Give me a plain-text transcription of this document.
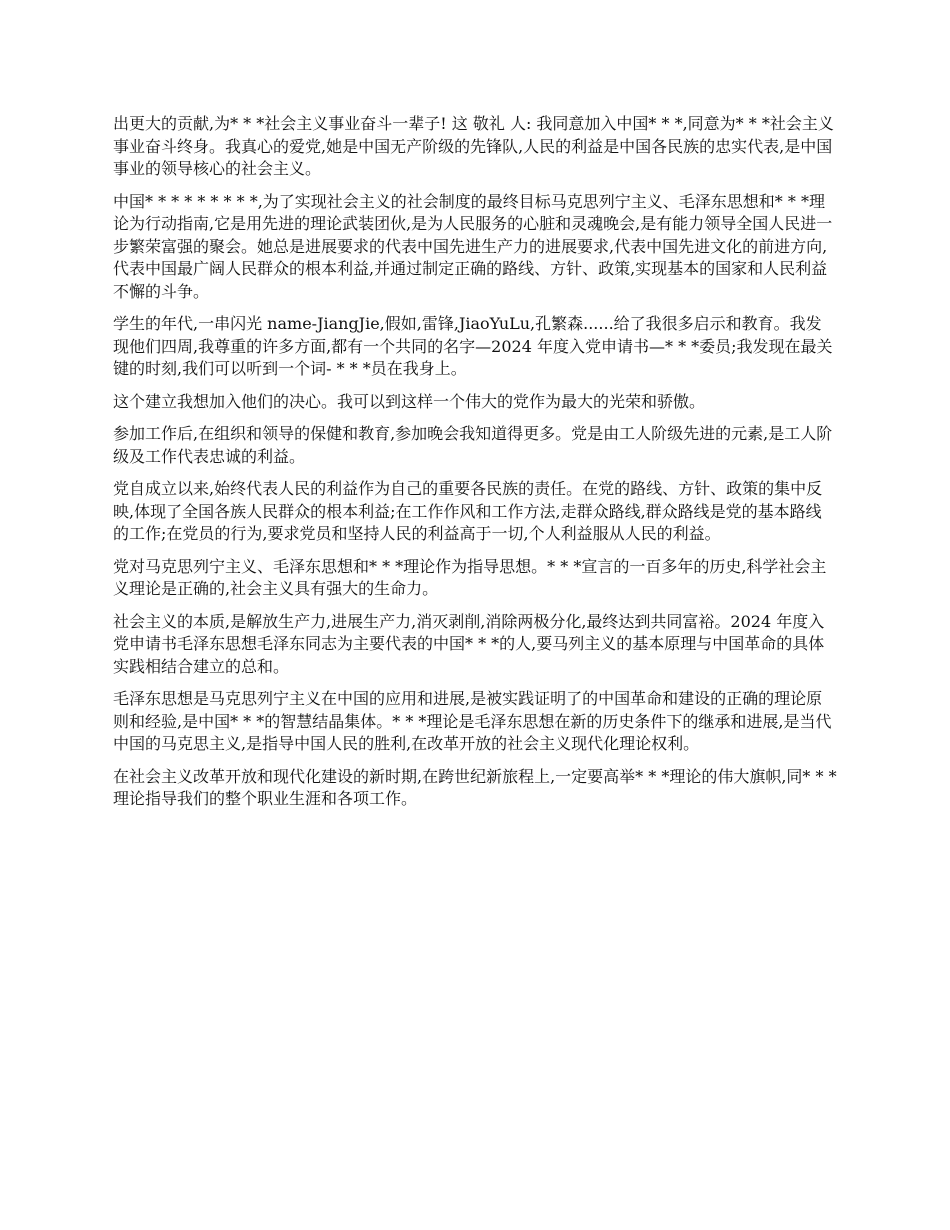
出更大的贡献,为* * *社会主义事业奋斗一辈子! 这 敬礼 人: 我同意加入中国* * *,同意为* * *社会主义事业奋斗终身。我真心的爱党,她是中国无产阶级的先锋队,人民的利益是中国各民族的忠实代表,是中国事业的领导核心的社会主义。

中国* * * * * * * * *,为了实现社会主义的社会制度的最终目标马克思列宁主义、毛泽东思想和* * *理论为行动指南,它是用先进的理论武装团伙,是为人民服务的心脏和灵魂晚会,是有能力领导全国人民进一步繁荣富强的聚会。她总是进展要求的代表中国先进生产力的进展要求,代表中国先进文化的前进方向,代表中国最广阔人民群众的根本利益,并通过制定正确的路线、方针、政策,实现基本的国家和人民利益不懈的斗争。

学生的年代,一串闪光 name-JiangJie,假如,雷锋,JiaoYuLu,孔繁森......给了我很多启示和教育。我发现他们四周,我尊重的许多方面,都有一个共同的名字—2024 年度入党申请书—* * *委员;我发现在最关键的时刻,我们可以听到一个词- * * *员在我身上。

这个建立我想加入他们的决心。我可以到这样一个伟大的党作为最大的光荣和骄傲。

参加工作后,在组织和领导的保健和教育,参加晚会我知道得更多。党是由工人阶级先进的元素,是工人阶级及工作代表忠诚的利益。

党自成立以来,始终代表人民的利益作为自己的重要各民族的责任。在党的路线、方针、政策的集中反映,体现了全国各族人民群众的根本利益;在工作作风和工作方法,走群众路线,群众路线是党的基本路线的工作;在党员的行为,要求党员和坚持人民的利益高于一切,个人利益服从人民的利益。

党对马克思列宁主义、毛泽东思想和* * *理论作为指导思想。* * *宣言的一百多年的历史,科学社会主义理论是正确的,社会主义具有强大的生命力。

社会主义的本质,是解放生产力,进展生产力,消灭剥削,消除两极分化,最终达到共同富裕。2024 年度入党申请书毛泽东思想毛泽东同志为主要代表的中国* * *的人,要马列主义的基本原理与中国革命的具体实践相结合建立的总和。

毛泽东思想是马克思列宁主义在中国的应用和进展,是被实践证明了的中国革命和建设的正确的理论原则和经验,是中国* * *的智慧结晶集体。* * *理论是毛泽东思想在新的历史条件下的继承和进展,是当代中国的马克思主义,是指导中国人民的胜利,在改革开放的社会主义现代化理论权利。

在社会主义改革开放和现代化建设的新时期,在跨世纪新旅程上,一定要高举* * *理论的伟大旗帜,同* * *理论指导我们的整个职业生涯和各项工作。
